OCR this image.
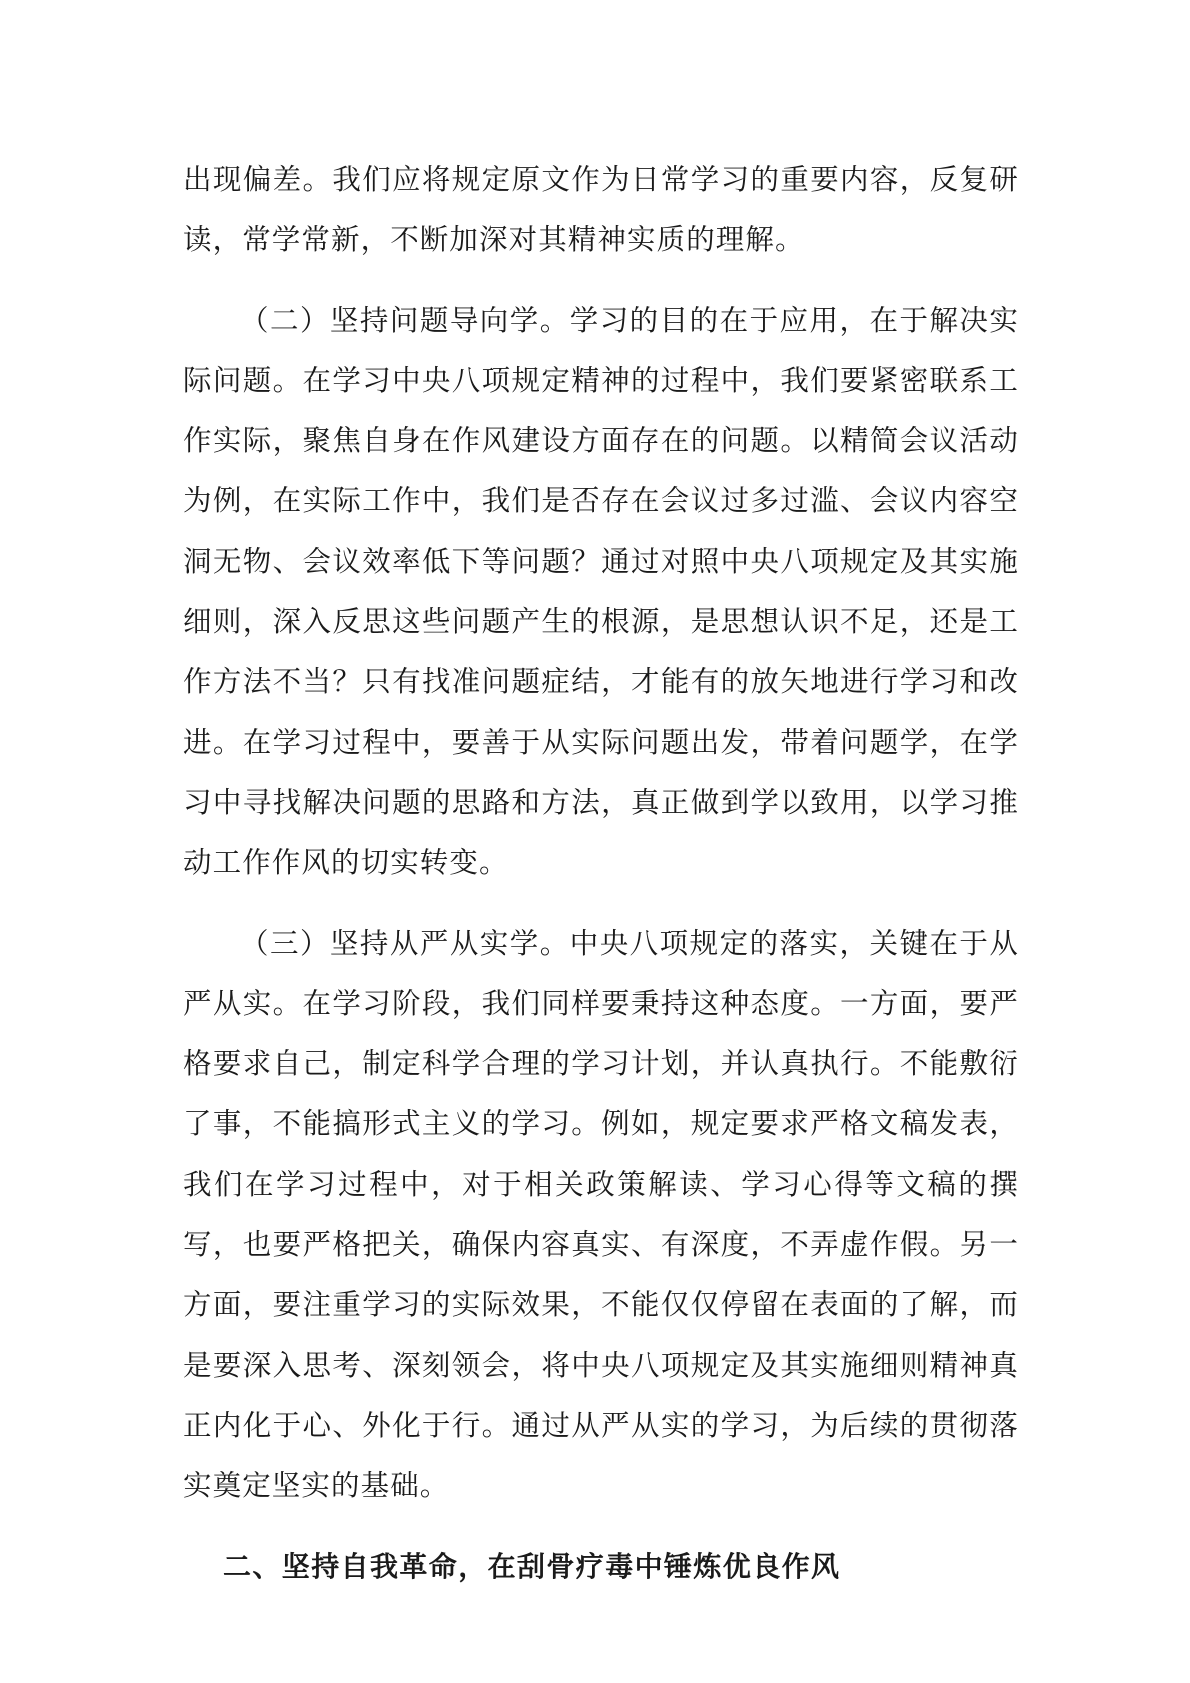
出现偏差。我们应将规定原文作为日常学习的重要内容，反复研读，常学常新，不断加深对其精神实质的理解。

（二）坚持问题导向学。学习的目的在于应用，在于解决实际问题。在学习中央八项规定精神的过程中，我们要紧密联系工作实际，聚焦自身在作风建设方面存在的问题。以精简会议活动为例，在实际工作中，我们是否存在会议过多过滥、会议内容空洞无物、会议效率低下等问题？通过对照中央八项规定及其实施细则，深入反思这些问题产生的根源，是思想认识不足，还是工作方法不当？只有找准问题症结，才能有的放矢地进行学习和改进。在学习过程中，要善于从实际问题出发，带着问题学，在学习中寻找解决问题的思路和方法，真正做到学以致用，以学习推动工作作风的切实转变。

（三）坚持从严从实学。中央八项规定的落实，关键在于从严从实。在学习阶段，我们同样要秉持这种态度。一方面，要严格要求自己，制定科学合理的学习计划，并认真执行。不能敷衍了事，不能搞形式主义的学习。例如，规定要求严格文稿发表，我们在学习过程中，对于相关政策解读、学习心得等文稿的撰写，也要严格把关，确保内容真实、有深度，不弄虚作假。另一方面，要注重学习的实际效果，不能仅仅停留在表面的了解，而是要深入思考、深刻领会，将中央八项规定及其实施细则精神真正内化于心、外化于行。通过从严从实的学习，为后续的贯彻落实奠定坚实的基础。

二、坚持自我革命，在刮骨疗毒中锤炼优良作风
